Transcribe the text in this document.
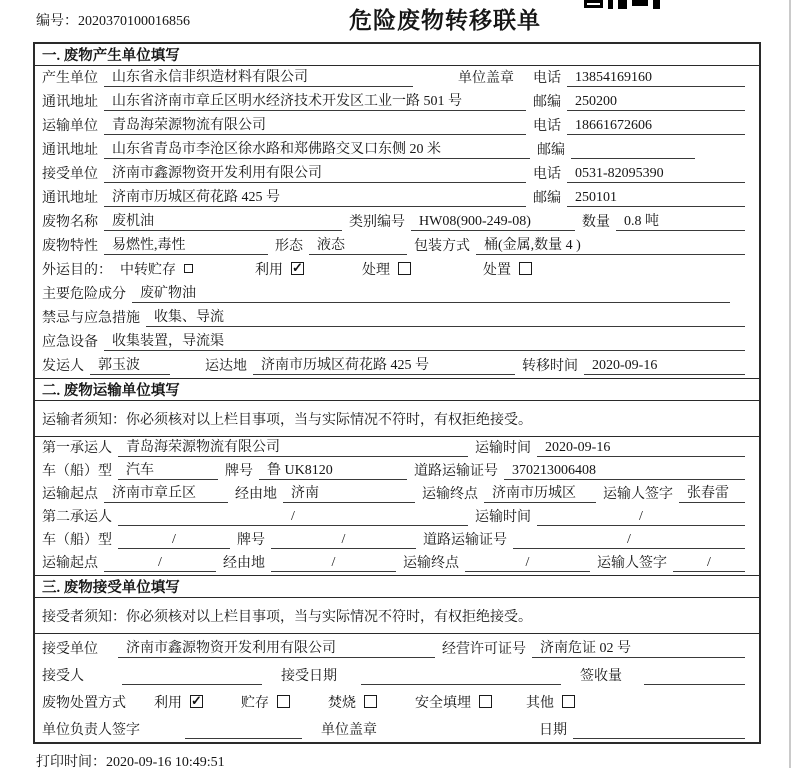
编号：2020370100016856	危险废物转移联单
一. 废物产生单位填写
产生单位	山东省永信非织造材料有限公司	单位盖章 电话	13854169160
通讯地址	山东省济南市章丘区明水经济技术开发区工业一路 501 号	邮编	250200
运输单位	青岛海荣源物流有限公司	电话	18661672606
通讯地址	山东省青岛市李沧区徐水路和郑佛路交叉口东侧 20 米	邮编
接受单位	济南市鑫源物资开发利用有限公司	电话	0531-82095390
通讯地址	济南市历城区荷花路 425 号	邮编	250101
废物名称	废机油	类别编号	HW08(900-249-08)	数量	0.8 吨
废物特性	易燃性,毒性	形态	液态	包装方式	桶(金属,数量 4 )
外运目的： 中转贮存	利用 ✓	处理	处置
主要危险成分	废矿物油
禁忌与应急措施	收集、导流
应急设备	收集装置，导流渠
发运人	郭玉波	运达地	济南市历城区荷花路 425 号	转移时间	2020-09-16
二. 废物运输单位填写
运输者须知：你必须核对以上栏目事项，当与实际情况不符时，有权拒绝接受。
第一承运人	青岛海荣源物流有限公司	运输时间	2020-09-16
车（船）型	汽车	牌号	鲁 UK8120	道路运输证号	370213006408
运输起点	济南市章丘区	经由地	济南	运输终点	济南市历城区	运输人签字	张春雷
第二承运人	/	运输时间	/
车（船）型	/	牌号	/	道路运输证号	/
运输起点	/	经由地	/	运输终点	/	运输人签字	/
三. 废物接受单位填写
接受者须知：你必须核对以上栏目事项，当与实际情况不符时，有权拒绝接受。
接受单位	济南市鑫源物资开发利用有限公司	经营许可证号	济南危证 02 号
接受人	接受日期	签收量
废物处置方式 利用 ✓	贮存	焚烧	安全填埋	其他
单位负责人签字	单位盖章	日期
打印时间：2020-09-16 10:49:51
